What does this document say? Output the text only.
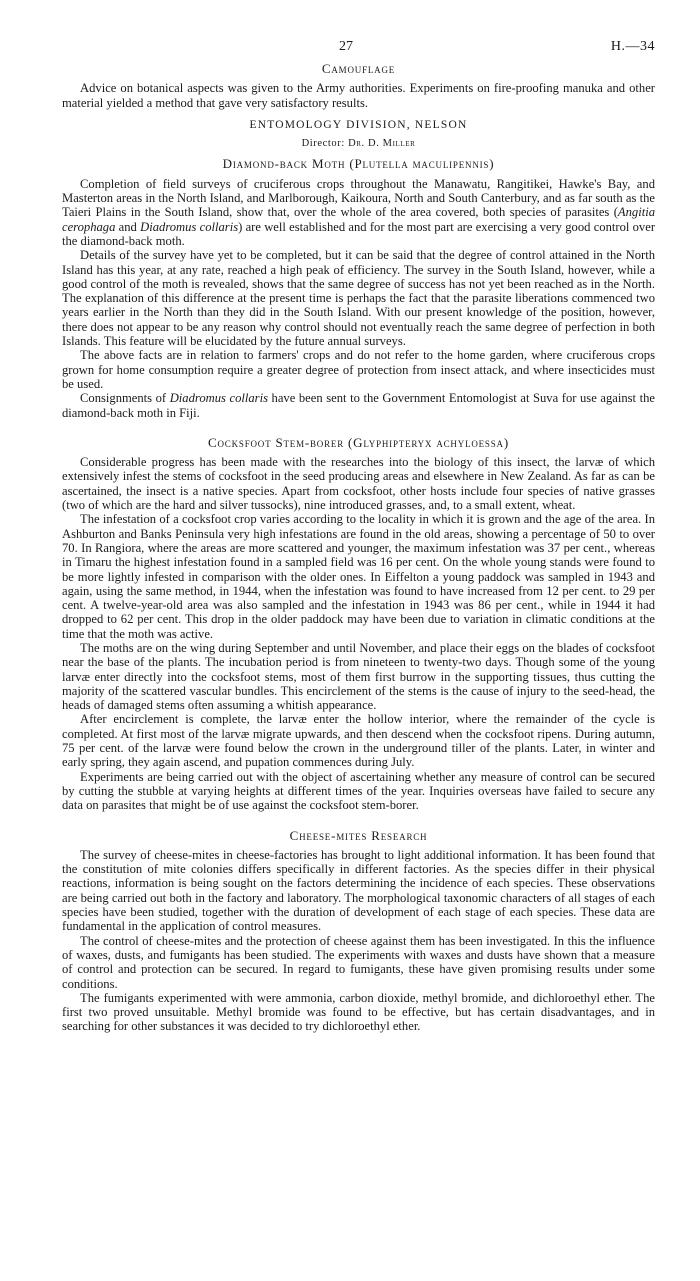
27	H.—34
Camouflage

Advice on botanical aspects was given to the Army authorities. Experiments on fire-proofing manuka and other material yielded a method that gave very satisfactory results.

ENTOMOLOGY DIVISION, NELSON
Director: Dr. D. Miller
Diamond-back Moth (Plutella maculipennis)

Completion of field surveys of cruciferous crops throughout the Manawatu, Rangitikei, Hawke's Bay, and Masterton areas in the North Island, and Marlborough, Kaikoura, North and South Canterbury, and as far south as the Taieri Plains in the South Island, show that, over the whole of the area covered, both species of parasites (Angitia cerophaga and Diadromus collaris) are well established and for the most part are exercising a very good control over the diamond-back moth.

Details of the survey have yet to be completed, but it can be said that the degree of control attained in the North Island has this year, at any rate, reached a high peak of efficiency. The survey in the South Island, however, while a good control of the moth is revealed, shows that the same degree of success has not yet been reached as in the North. The explanation of this difference at the present time is perhaps the fact that the parasite liberations commenced two years earlier in the North than they did in the South Island. With our present knowledge of the position, however, there does not appear to be any reason why control should not eventually reach the same degree of perfection in both Islands. This feature will be elucidated by the future annual surveys.

The above facts are in relation to farmers' crops and do not refer to the home garden, where cruciferous crops grown for home consumption require a greater degree of protection from insect attack, and where insecticides must be used.

Consignments of Diadromus collaris have been sent to the Government Entomologist at Suva for use against the diamond-back moth in Fiji.

Cocksfoot Stem-borer (Glyphipteryx achyloessa)

Considerable progress has been made with the researches into the biology of this insect, the larvæ of which extensively infest the stems of cocksfoot in the seed producing areas and elsewhere in New Zealand. As far as can be ascertained, the insect is a native species. Apart from cocksfoot, other hosts include four species of native grasses (two of which are the hard and silver tussocks), nine introduced grasses, and, to a small extent, wheat.

The infestation of a cocksfoot crop varies according to the locality in which it is grown and the age of the area. In Ashburton and Banks Peninsula very high infestations are found in the old areas, showing a percentage of 50 to over 70. In Rangiora, where the areas are more scattered and younger, the maximum infestation was 37 per cent., whereas in Timaru the highest infestation found in a sampled field was 16 per cent. On the whole young stands were found to be more lightly infested in comparison with the older ones. In Eiffelton a young paddock was sampled in 1943 and again, using the same method, in 1944, when the infestation was found to have increased from 12 per cent. to 29 per cent. A twelve-year-old area was also sampled and the infestation in 1943 was 86 per cent., while in 1944 it had dropped to 62 per cent. This drop in the older paddock may have been due to variation in climatic conditions at the time that the moth was active.

The moths are on the wing during September and until November, and place their eggs on the blades of cocksfoot near the base of the plants. The incubation period is from nineteen to twenty-two days. Though some of the young larvæ enter directly into the cocksfoot stems, most of them first burrow in the supporting tissues, thus cutting the majority of the scattered vascular bundles. This encirclement of the stems is the cause of injury to the seed-head, the heads of damaged stems often assuming a whitish appearance.

After encirclement is complete, the larvæ enter the hollow interior, where the remainder of the cycle is completed. At first most of the larvæ migrate upwards, and then descend when the cocksfoot ripens. During autumn, 75 per cent. of the larvæ were found below the crown in the underground tiller of the plants. Later, in winter and early spring, they again ascend, and pupation commences during July.

Experiments are being carried out with the object of ascertaining whether any measure of control can be secured by cutting the stubble at varying heights at different times of the year. Inquiries overseas have failed to secure any data on parasites that might be of use against the cocksfoot stem-borer.

Cheese-mites Research

The survey of cheese-mites in cheese-factories has brought to light additional information. It has been found that the constitution of mite colonies differs specifically in different factories. As the species differ in their physical reactions, information is being sought on the factors determining the incidence of each species. These observations are being carried out both in the factory and laboratory. The morphological taxonomic characters of all stages of each species have been studied, together with the duration of development of each stage of each species. These data are fundamental in the application of control measures.

The control of cheese-mites and the protection of cheese against them has been investigated. In this the influence of waxes, dusts, and fumigants has been studied. The experiments with waxes and dusts have shown that a measure of control and protection can be secured. In regard to fumigants, these have given promising results under some conditions.

The fumigants experimented with were ammonia, carbon dioxide, methyl bromide, and dichloroethyl ether. The first two proved unsuitable. Methyl bromide was found to be effective, but has certain disadvantages, and in searching for other substances it was decided to try dichloroethyl ether.
